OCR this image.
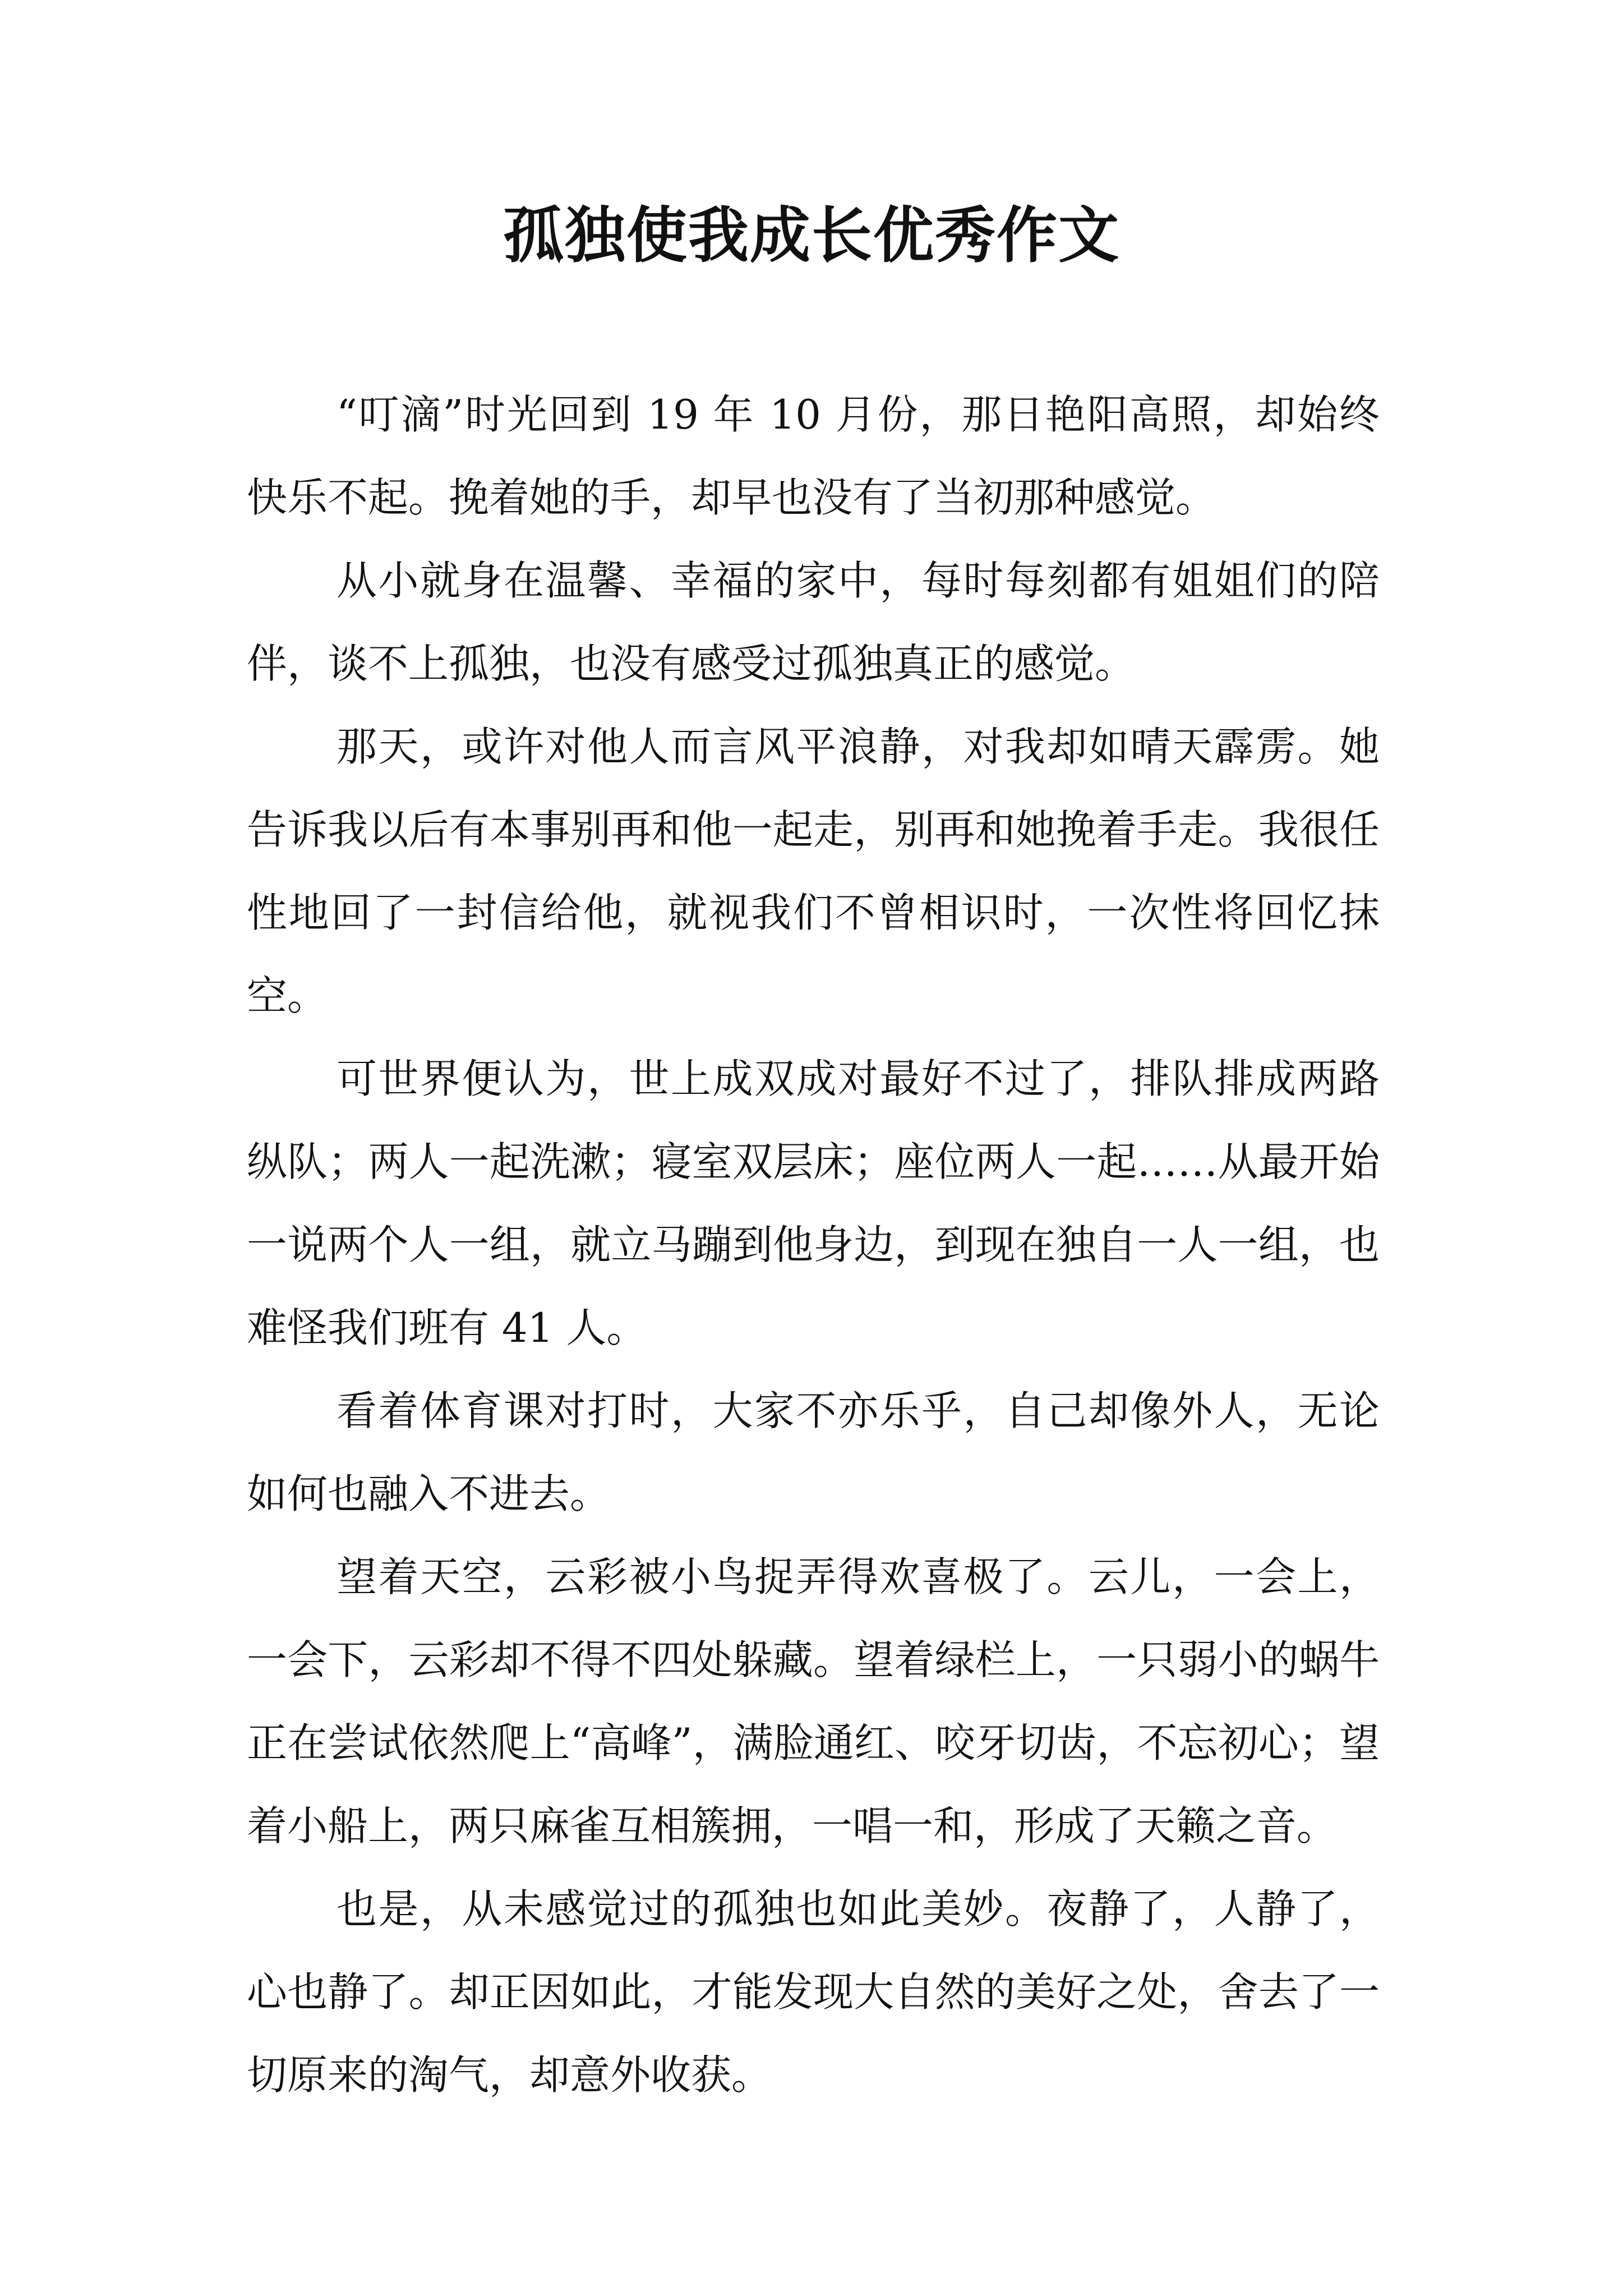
孤独使我成长优秀作文

“叮滴”时光回到 19 年 10 月份，那日艳阳高照，却始终快乐不起。挽着她的手，却早也没有了当初那种感觉。

从小就身在温馨、幸福的家中，每时每刻都有姐姐们的陪伴，谈不上孤独，也没有感受过孤独真正的感觉。

那天，或许对他人而言风平浪静，对我却如晴天霹雳。她告诉我以后有本事别再和他一起走，别再和她挽着手走。我很任性地回了一封信给他，就视我们不曾相识时，一次性将回忆抹空。

可世界便认为，世上成双成对最好不过了，排队排成两路纵队；两人一起洗漱；寝室双层床；座位两人一起……从最开始一说两个人一组，就立马蹦到他身边，到现在独自一人一组，也难怪我们班有 41 人。

看着体育课对打时，大家不亦乐乎，自己却像外人，无论如何也融入不进去。

望着天空，云彩被小鸟捉弄得欢喜极了。云儿，一会上，一会下，云彩却不得不四处躲藏。望着绿栏上，一只弱小的蜗牛正在尝试依然爬上“高峰”，满脸通红、咬牙切齿，不忘初心；望着小船上，两只麻雀互相簇拥，一唱一和，形成了天籁之音。

也是，从未感觉过的孤独也如此美妙。夜静了，人静了，心也静了。却正因如此，才能发现大自然的美好之处，舍去了一切原来的淘气，却意外收获。
